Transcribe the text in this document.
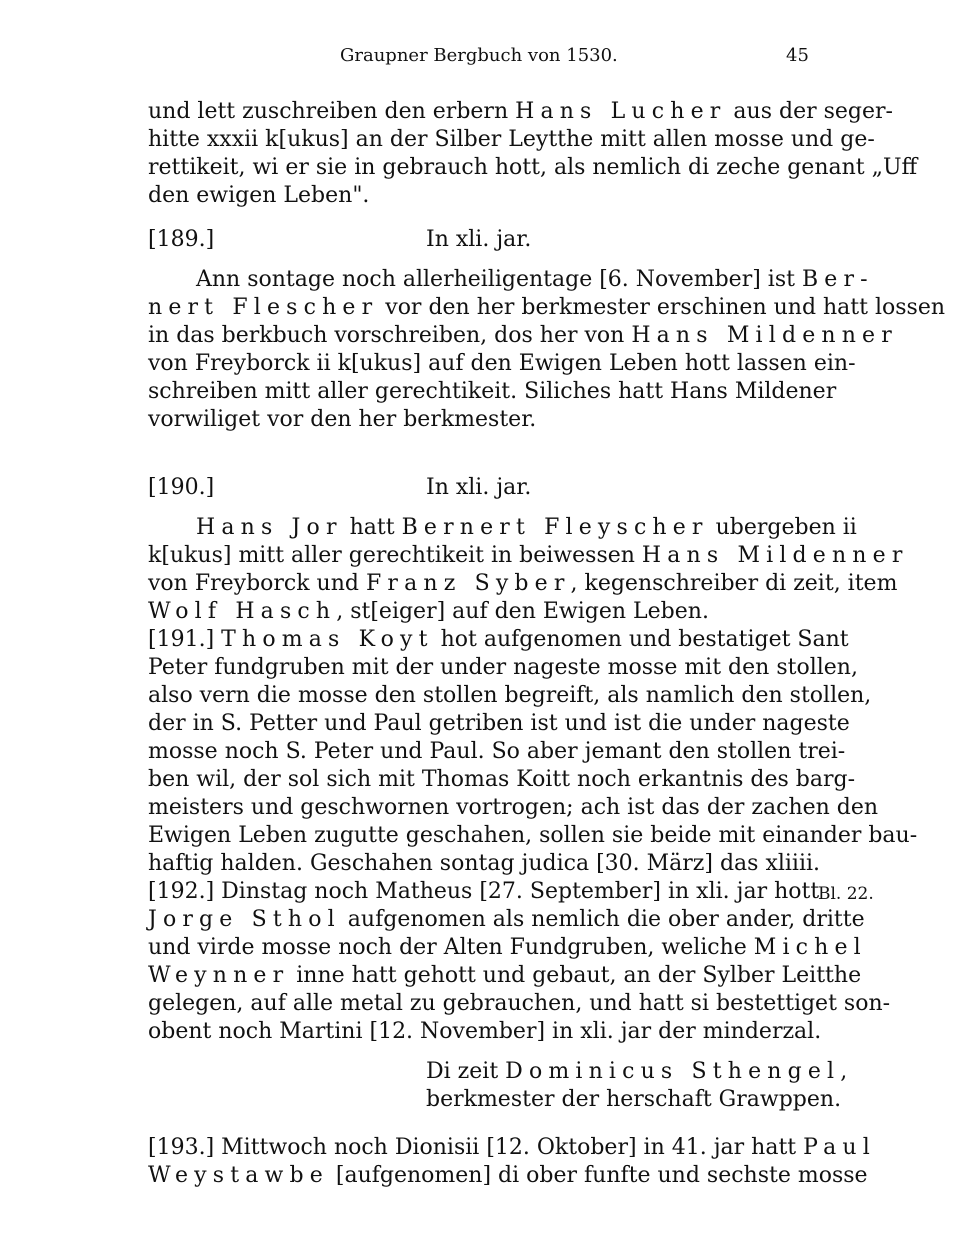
Graupner Bergbuch von 1530.	45
und lett zuschreiben den erbern Hans Lucher aus der seger-
hitte xxxii k[ukus] an der Silber Leytthe mitt allen mosse und ge-
rettikeit, wi er sie in gebrauch hott, als nemlich di zeche genant „Uff
den ewigen Leben".
[189.]	In xli. jar.
Ann sontage noch allerheiligentage [6. November] ist Ber-
nert Flescher vor den her berkmester erschinen und hatt lossen
in das berkbuch vorschreiben, dos her von Hans Mildenner
von Freyborck ii k[ukus] auf den Ewigen Leben hott lassen ein-
schreiben mitt aller gerechtikeit. Siliches hatt Hans Mildener
vorwiliget vor den her berkmester.
[190.]	In xli. jar.
Hans Jor hatt Bernert Fleyscher ubergeben ii
k[ukus] mitt aller gerechtikeit in beiwessen Hans Mildenner
von Freyborck und Franz Syber, kegenschreiber di zeit, item
Wolf Hasch, st[eiger] auf den Ewigen Leben.
[191.] Thomas Koyt hot aufgenomen und bestatiget Sant
Peter fundgruben mit der under nageste mosse mit den stollen,
also vern die mosse den stollen begreift, als namlich den stollen,
der in S. Petter und Paul getriben ist und ist die under nageste
mosse noch S. Peter und Paul. So aber jemant den stollen trei-
ben wil, der sol sich mit Thomas Koitt noch erkantnis des barg-
meisters und geschwornen vortrogen; ach ist das der zachen den
Ewigen Leben zugutte geschahen, sollen sie beide mit einander bau-
haftig halden. Geschahen sontag judica [30. März] das xliiii.
[192.] Dinstag noch Matheus [27. September] in xli. jar hott
Bl. 22.
Jorge Sthol aufgenomen als nemlich die ober ander, dritte
und virde mosse noch der Alten Fundgruben, weliche Michel
Weynner inne hatt gehott und gebaut, an der Sylber Leitthe
gelegen, auf alle metal zu gebrauchen, und hatt si bestettiget son-
obent noch Martini [12. November] in xli. jar der minderzal.
Di zeit Dominicus Sthengel,
berkmester der herschaft Grawppen.
[193.] Mittwoch noch Dionisii [12. Oktober] in 41. jar hatt Paul
Weystawbe [aufgenomen] di ober funfte und sechste mosse
